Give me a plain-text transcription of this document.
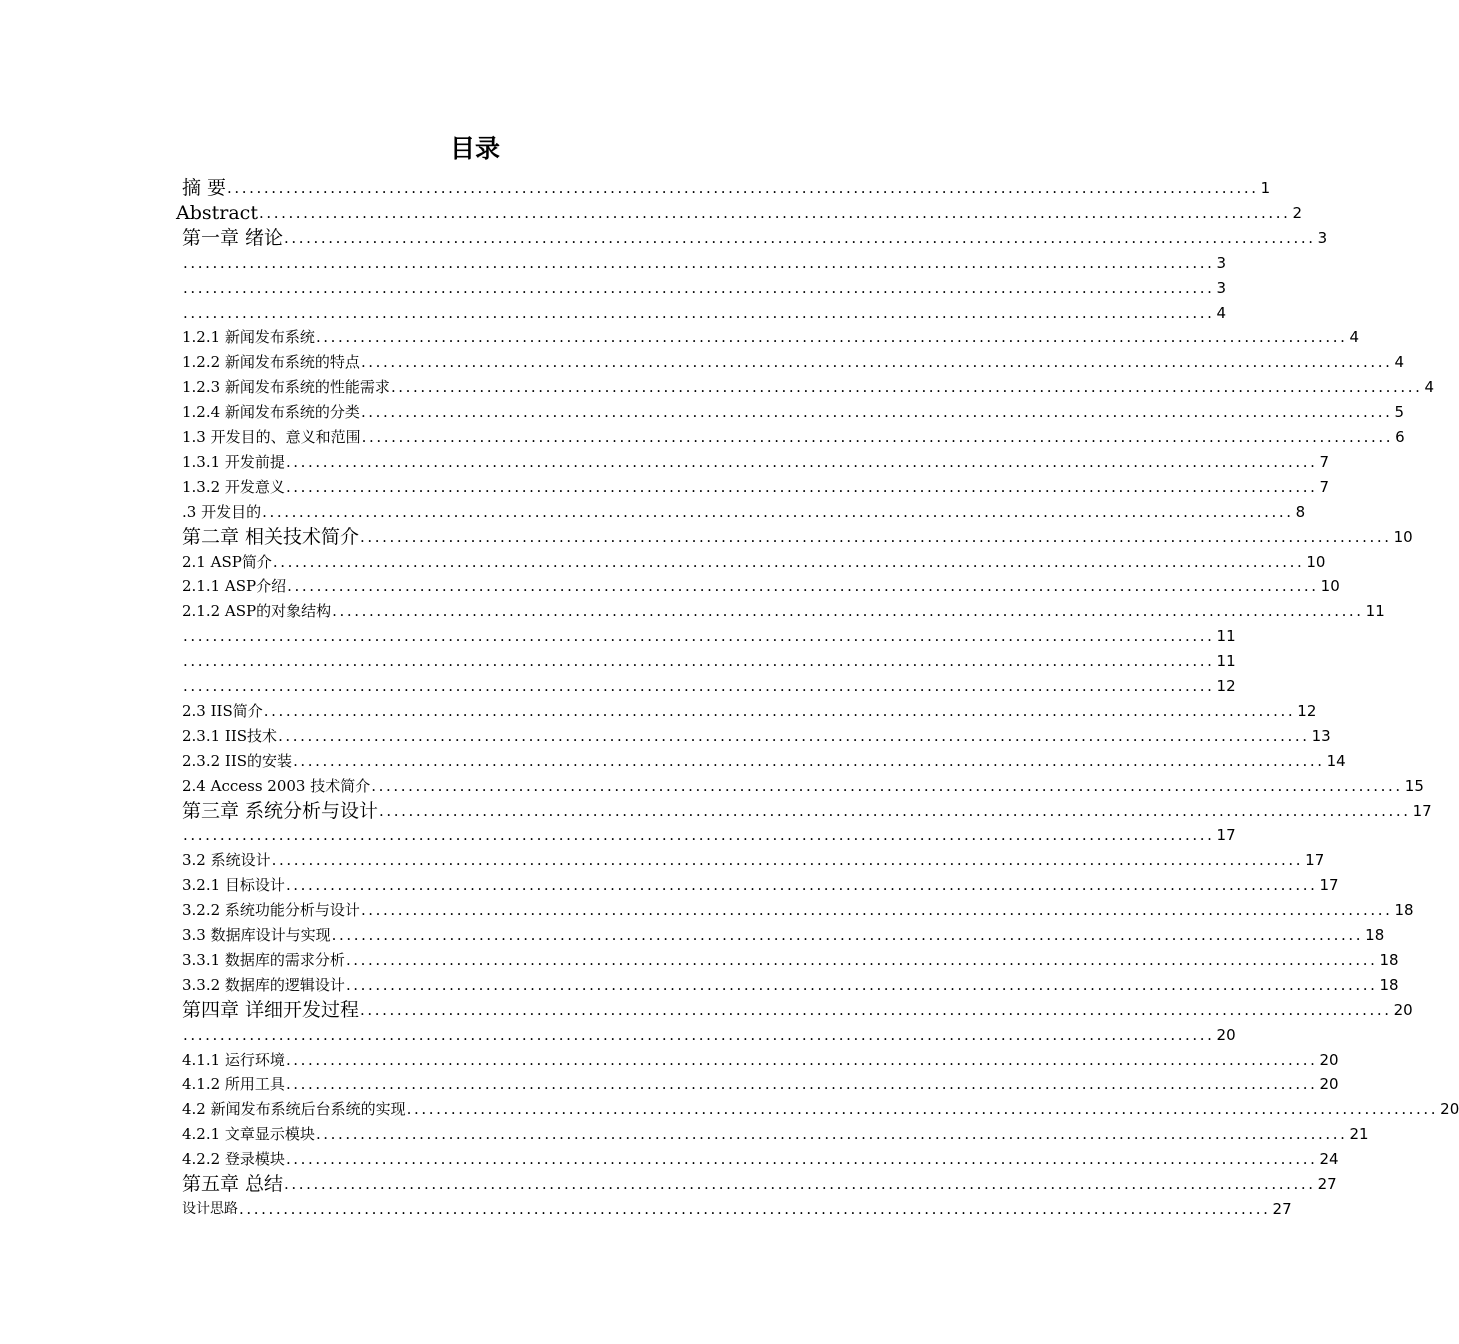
目录
摘 要 ............................................................................................................................................ 1
Abstract ............................................................................................................................................ 2
第一章 绪论 ............................................................................................................................................ 3
............................................................................................................................................ 3
............................................................................................................................................ 3
............................................................................................................................................ 4
1.2.1 新闻发布系统 ............................................................................................................................................ 4
1.2.2 新闻发布系统的特点 ............................................................................................................................................ 4
1.2.3 新闻发布系统的性能需求 ............................................................................................................................................ 4
1.2.4 新闻发布系统的分类 ............................................................................................................................................ 5
1.3 开发目的、意义和范围 ............................................................................................................................................ 6
1.3.1 开发前提 ............................................................................................................................................ 7
1.3.2 开发意义 ............................................................................................................................................ 7
.3 开发目的 ............................................................................................................................................ 8
第二章 相关技术简介 ............................................................................................................................................ 10
2.1 ASP简介 ............................................................................................................................................ 10
2.1.1 ASP介绍 ............................................................................................................................................ 10
2.1.2 ASP的对象结构 ............................................................................................................................................ 11
............................................................................................................................................ 11
............................................................................................................................................ 11
............................................................................................................................................ 12
2.3 IIS简介 ............................................................................................................................................ 12
2.3.1 IIS技术 ............................................................................................................................................ 13
2.3.2 IIS的安装 ............................................................................................................................................ 14
2.4 Access 2003 技术简介 ............................................................................................................................................ 15
第三章 系统分析与设计 ............................................................................................................................................ 17
............................................................................................................................................ 17
3.2 系统设计 ............................................................................................................................................ 17
3.2.1 目标设计 ............................................................................................................................................ 17
3.2.2 系统功能分析与设计 ............................................................................................................................................ 18
3.3 数据库设计与实现 ............................................................................................................................................ 18
3.3.1 数据库的需求分析 ............................................................................................................................................ 18
3.3.2 数据库的逻辑设计 ............................................................................................................................................ 18
第四章 详细开发过程 ............................................................................................................................................ 20
............................................................................................................................................ 20
4.1.1 运行环境 ............................................................................................................................................ 20
4.1.2 所用工具 ............................................................................................................................................ 20
4.2 新闻发布系统后台系统的实现 ............................................................................................................................................ 20
4.2.1 文章显示模块 ............................................................................................................................................ 21
4.2.2 登录模块 ............................................................................................................................................ 24
第五章 总结 ............................................................................................................................................ 27
设计思路 ............................................................................................................................................ 27
